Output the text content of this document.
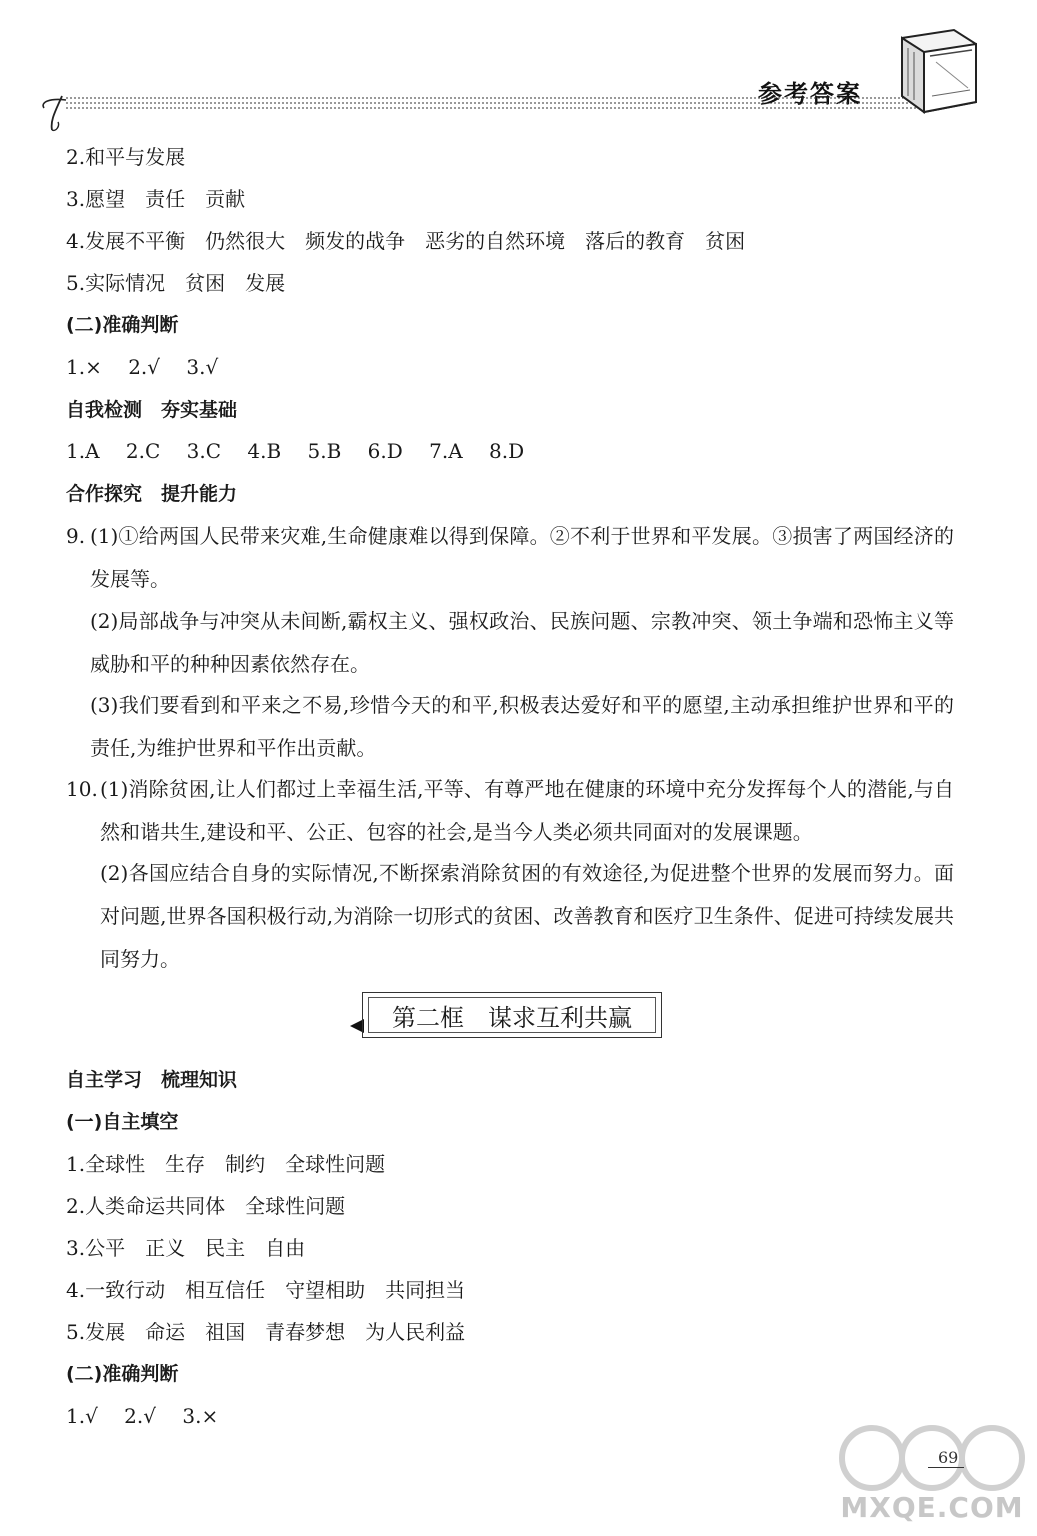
参考答案
2.和平与发展
3.愿望　责任　贡献
4.发展不平衡　仍然很大　频发的战争　恶劣的自然环境　落后的教育　贫困
5.实际情况　贫困　发展
(二)准确判断
1.×　 2.√　 3.√
自我检测　夯实基础
1.A　 2.C　 3.C　 4.B　 5.B　 6.D　 7.A　 8.D
合作探究　提升能力
9. (1)①给两国人民带来灾难,生命健康难以得到保障。②不利于世界和平发展。③损害了两国经济的发展等。
(2)局部战争与冲突从未间断,霸权主义、强权政治、民族问题、宗教冲突、领土争端和恐怖主义等威胁和平的种种因素依然存在。
(3)我们要看到和平来之不易,珍惜今天的和平,积极表达爱好和平的愿望,主动承担维护世界和平的责任,为维护世界和平作出贡献。
10. (1)消除贫困,让人们都过上幸福生活,平等、有尊严地在健康的环境中充分发挥每个人的潜能,与自然和谐共生,建设和平、公正、包容的社会,是当今人类必须共同面对的发展课题。
(2)各国应结合自身的实际情况,不断探索消除贫困的有效途径,为促进整个世界的发展而努力。面对问题,世界各国积极行动,为消除一切形式的贫困、改善教育和医疗卫生条件、促进可持续发展共同努力。
第二框　谋求互利共赢
自主学习　梳理知识
(一)自主填空
1.全球性　生存　制约　全球性问题
2.人类命运共同体　全球性问题
3.公平　正义　民主　自由
4.一致行动　相互信任　守望相助　共同担当
5.发展　命运　祖国　青春梦想　为人民利益
(二)准确判断
1.√　 2.√　 3.×
MXQE.COM
69
